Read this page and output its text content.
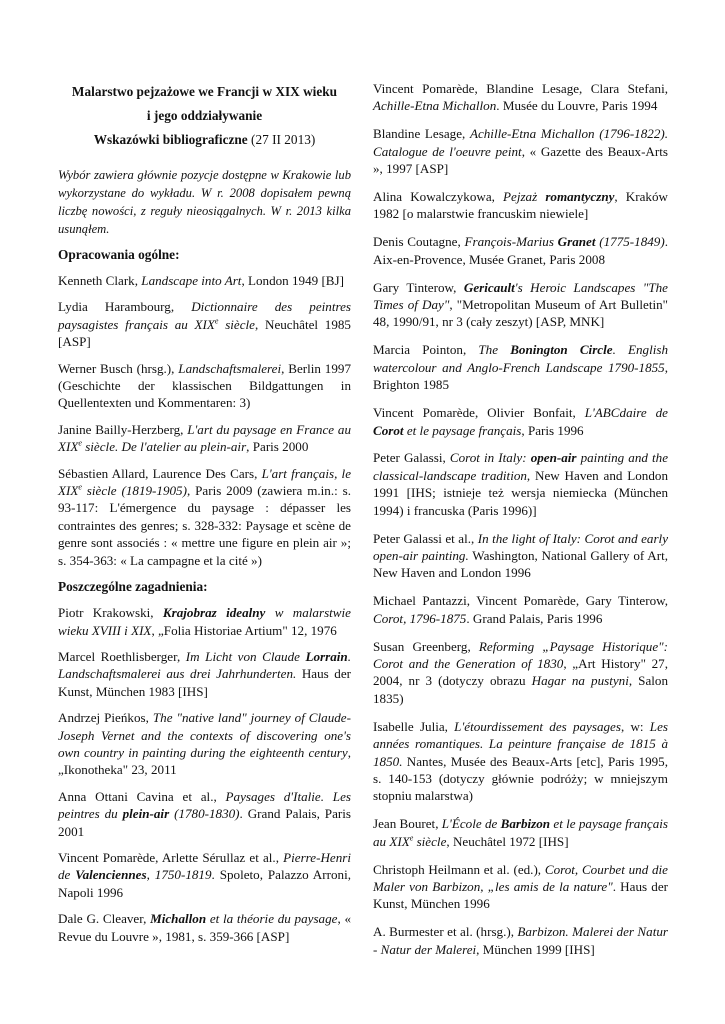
Malarstwo pejzażowe we Francji w XIX wieku

i jego oddziaływanie

Wskazówki bibliograficzne (27 II 2013)

Wybór zawiera głównie pozycje dostępne w Krakowie lub wykorzystane do wykładu. W r. 2008 dopisałem pewną liczbę nowości, z reguły nieosiągalnych. W r. 2013 kilka usunąłem.

Opracowania ogólne:

Kenneth Clark, Landscape into Art, London 1949 [BJ]

Lydia Harambourg, Dictionnaire des peintres paysagistes français au XIXe siècle, Neuchâtel 1985 [ASP]

Werner Busch (hrsg.), Landschaftsmalerei, Berlin 1997 (Geschichte der klassischen Bildgattungen in Quellentexten und Kommentaren: 3)

Janine Bailly-Herzberg, L'art du paysage en France au XIXe siècle. De l'atelier au plein-air, Paris 2000

Sébastien Allard, Laurence Des Cars, L'art français, le XIXe siècle (1819-1905), Paris 2009 (zawiera m.in.: s. 93-117: L'émergence du paysage : dépasser les contraintes des genres; s. 328-332: Paysage et scène de genre sont associés : « mettre une figure en plein air »; s. 354-363: « La campagne et la cité »)

Poszczególne zagadnienia:

Piotr Krakowski, Krajobraz idealny w malarstwie wieku XVIII i XIX, „Folia Historiae Artium" 12, 1976

Marcel Roethlisberger, Im Licht von Claude Lorrain. Landschaftsmalerei aus drei Jahrhunderten. Haus der Kunst, München 1983 [IHS]

Andrzej Pieńkos, The "native land" journey of Claude-Joseph Vernet and the contexts of discovering one's own country in painting during the eighteenth century, „Ikonotheka" 23, 2011

Anna Ottani Cavina et al., Paysages d'Italie. Les peintres du plein-air (1780-1830). Grand Palais, Paris 2001

Vincent Pomarède, Arlette Sérullaz et al., Pierre-Henri de Valenciennes, 1750-1819. Spoleto, Palazzo Arroni, Napoli 1996

Dale G. Cleaver, Michallon et la théorie du paysage, « Revue du Louvre », 1981, s. 359-366 [ASP]

Vincent Pomarède, Blandine Lesage, Clara Stefani, Achille-Etna Michallon. Musée du Louvre, Paris 1994

Blandine Lesage, Achille-Etna Michallon (1796-1822). Catalogue de l'oeuvre peint, « Gazette des Beaux-Arts », 1997 [ASP]

Alina Kowalczykowa, Pejzaż romantyczny, Kraków 1982 [o malarstwie francuskim niewiele]

Denis Coutagne, François-Marius Granet (1775-1849). Aix-en-Provence, Musée Granet, Paris 2008

Gary Tinterow, Gericault's Heroic Landscapes "The Times of Day", "Metropolitan Museum of Art Bulletin" 48, 1990/91, nr 3 (cały zeszyt) [ASP, MNK]

Marcia Pointon, The Bonington Circle. English watercolour and Anglo-French Landscape 1790-1855, Brighton 1985

Vincent Pomarède, Olivier Bonfait, L'ABCdaire de Corot et le paysage français, Paris 1996

Peter Galassi, Corot in Italy: open-air painting and the classical-landscape tradition, New Haven and London 1991 [IHS; istnieje też wersja niemiecka (München 1994) i francuska (Paris 1996)]

Peter Galassi et al., In the light of Italy: Corot and early open-air painting. Washington, National Gallery of Art, New Haven and London 1996

Michael Pantazzi, Vincent Pomarède, Gary Tinterow, Corot, 1796-1875. Grand Palais, Paris 1996

Susan Greenberg, Reforming „Paysage Historique": Corot and the Generation of 1830, „Art History" 27, 2004, nr 3 (dotyczy obrazu Hagar na pustyni, Salon 1835)

Isabelle Julia, L'étourdissement des paysages, w: Les années romantiques. La peinture française de 1815 à 1850. Nantes, Musée des Beaux-Arts [etc], Paris 1995, s. 140-153 (dotyczy głównie podróży; w mniejszym stopniu malarstwa)

Jean Bouret, L'École de Barbizon et le paysage français au XIXe siècle, Neuchâtel 1972 [IHS]

Christoph Heilmann et al. (ed.), Corot, Courbet und die Maler von Barbizon, „les amis de la nature". Haus der Kunst, München 1996

A. Burmester et al. (hrsg.), Barbizon. Malerei der Natur - Natur der Malerei, München 1999 [IHS]
